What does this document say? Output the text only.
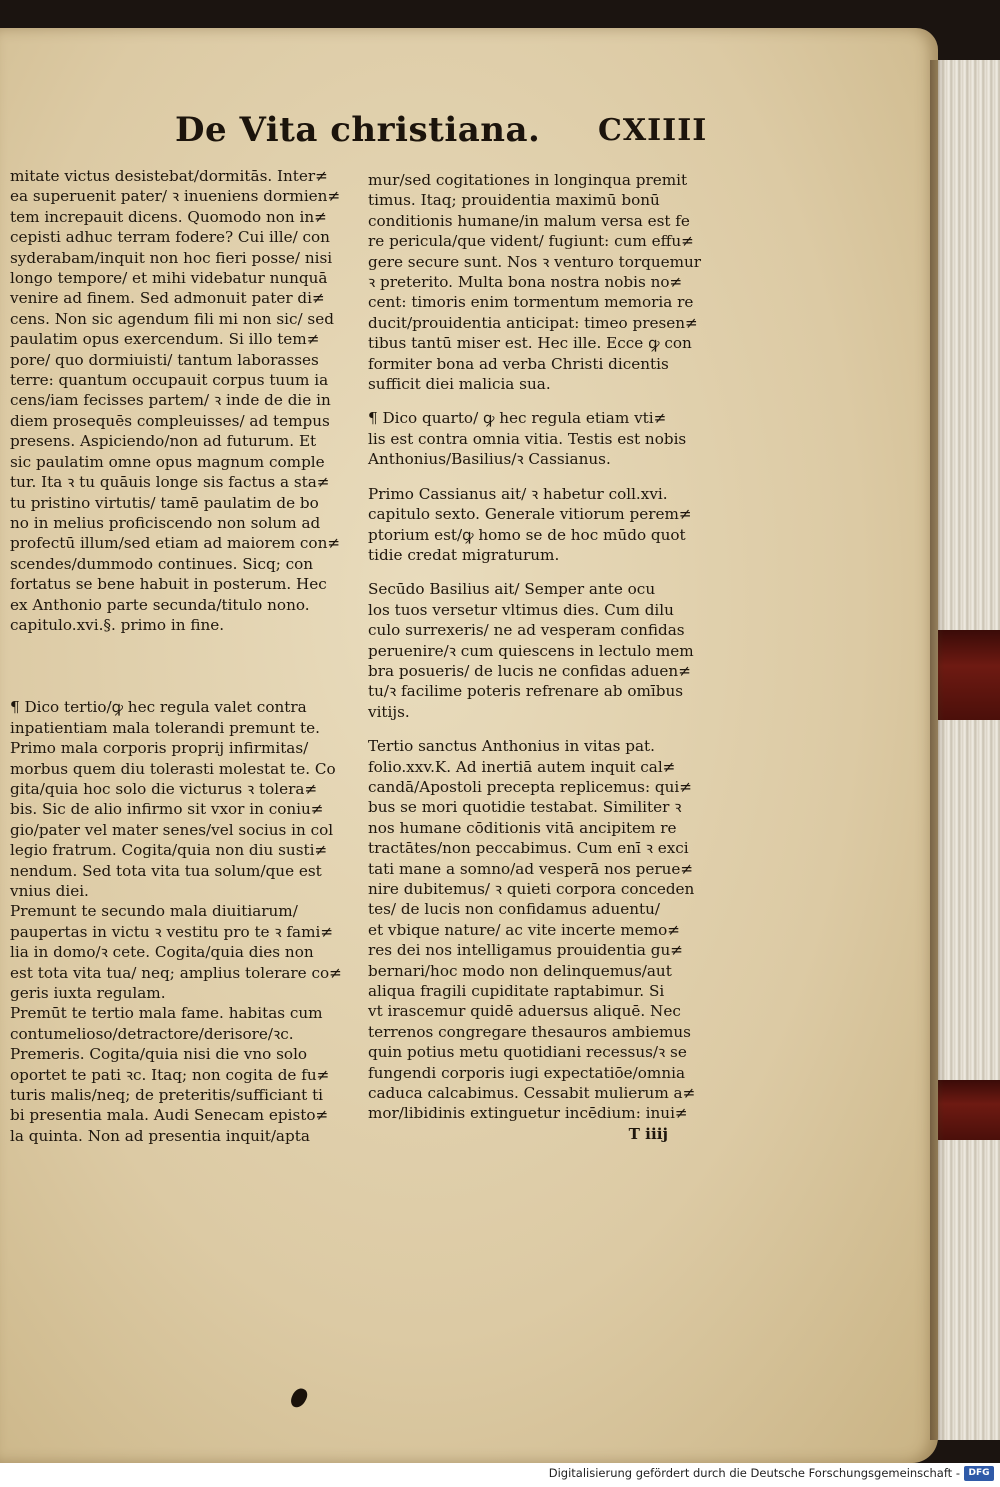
De Vita christiana. CXIIII
mitate victus desistebat/dormitās. Inter≠
ea superuenit pater/ ꝛ inueniens dormien≠
tem increpauit dicens. Quomodo non in≠
cepisti adhuc terram fodere? Cui ille/ con
syderabam/inquit non hoc fieri posse/ nisi
longo tempore/ et mihi videbatur nunquā
venire ad finem. Sed admonuit pater di≠
cens. Non sic agendum fili mi non sic/ sed
paulatim opus exercendum. Si illo tem≠
pore/ quo dormiuisti/ tantum laborasses
terre: quantum occupauit corpus tuum ia
cens/iam fecisses partem/ ꝛ inde de die in
diem prosequēs compleuisses/ ad tempus
presens. Aspiciendo/non ad futurum. Et
sic paulatim omne opus magnum comple
tur. Ita ꝛ tu quāuis longe sis factus a sta≠
tu pristino virtutis/ tamē paulatim de bo
no in melius proficiscendo non solum ad
profectū illum/sed etiam ad maiorem con≠
scendes/dummodo continues. Sicq; con
fortatus se bene habuit in posterum. Hec
ex Anthonio parte secunda/titulo nono.
capitulo.xvi.§. primo in fine.
¶ Dico tertio/ꝙ hec regula valet contra
inpatientiam mala tolerandi premunt te.
Primo mala corporis proprij infirmitas/
morbus quem diu tolerasti molestat te. Co
gita/quia hoc solo die victurus ꝛ tolera≠
bis. Sic de alio infirmo sit vxor in coniu≠
gio/pater vel mater senes/vel socius in col
legio fratrum. Cogita/quia non diu susti≠
nendum. Sed tota vita tua solum/que est
vnius diei.
Premunt te secundo mala diuitiarum/
paupertas in victu ꝛ vestitu pro te ꝛ fami≠
lia in domo/ꝛ cete. Cogita/quia dies non
est tota vita tua/ neq; amplius tolerare co≠
geris iuxta regulam.
Premūt te tertio mala fame. habitas cum
contumelioso/detractore/derisore/ꝛc.
Premeris. Cogita/quia nisi die vno solo
oportet te pati ꝛc. Itaq; non cogita de fu≠
turis malis/neq; de preteritis/sufficiant ti
bi presentia mala. Audi Senecam episto≠
la quinta. Non ad presentia inquit/apta
mur/sed cogitationes in longinqua premit
timus. Itaq; prouidentia maximū bonū
conditionis humane/in malum versa est fe
re pericula/que vident/ fugiunt: cum effu≠
gere secure sunt. Nos ꝛ venturo torquemur
ꝛ preterito. Multa bona nostra nobis no≠
cent: timoris enim tormentum memoria re
ducit/prouidentia anticipat: timeo presen≠
tibus tantū miser est. Hec ille. Ecce ꝙ con
formiter bona ad verba Christi dicentis
sufficit diei malicia sua.
¶ Dico quarto/ ꝙ hec regula etiam vti≠
lis est contra omnia vitia. Testis est nobis
Anthonius/Basilius/ꝛ Cassianus.
Primo Cassianus ait/ ꝛ habetur coll.xvi.
capitulo sexto. Generale vitiorum perem≠
ptorium est/ꝙ homo se de hoc mūdo quot
tidie credat migraturum.
Secūdo Basilius ait/ Semper ante ocu
los tuos versetur vltimus dies. Cum dilu
culo surrexeris/ ne ad vesperam confidas
peruenire/ꝛ cum quiescens in lectulo mem
bra posueris/ de lucis ne confidas aduen≠
tu/ꝛ facilime poteris refrenare ab omībus
vitijs.
Tertio sanctus Anthonius in vitas pat.
folio.xxv.K. Ad inertiā autem inquit cal≠
candā/Apostoli precepta replicemus: qui≠
bus se mori quotidie testabat. Similiter ꝛ
nos humane cōditionis vitā ancipitem re
tractātes/non peccabimus. Cum enī ꝛ exci
tati mane a somno/ad vesperā nos perue≠
nire dubitemus/ ꝛ quieti corpora conceden
tes/ de lucis non confidamus aduentu/
et vbique nature/ ac vite incerte memo≠
res dei nos intelligamus prouidentia gu≠
bernari/hoc modo non delinquemus/aut
aliqua fragili cupiditate raptabimur. Si
vt irascemur quidē aduersus aliquē. Nec
terrenos congregare thesauros ambiemus
quin potius metu quotidiani recessus/ꝛ se
fungendi corporis iugi expectatiōe/omnia
caduca calcabimus. Cessabit mulierum a≠
mor/libidinis extinguetur incēdium: inui≠
T iiij
Digitalisierung gefördert durch die Deutsche Forschungsgemeinschaft - DFG
